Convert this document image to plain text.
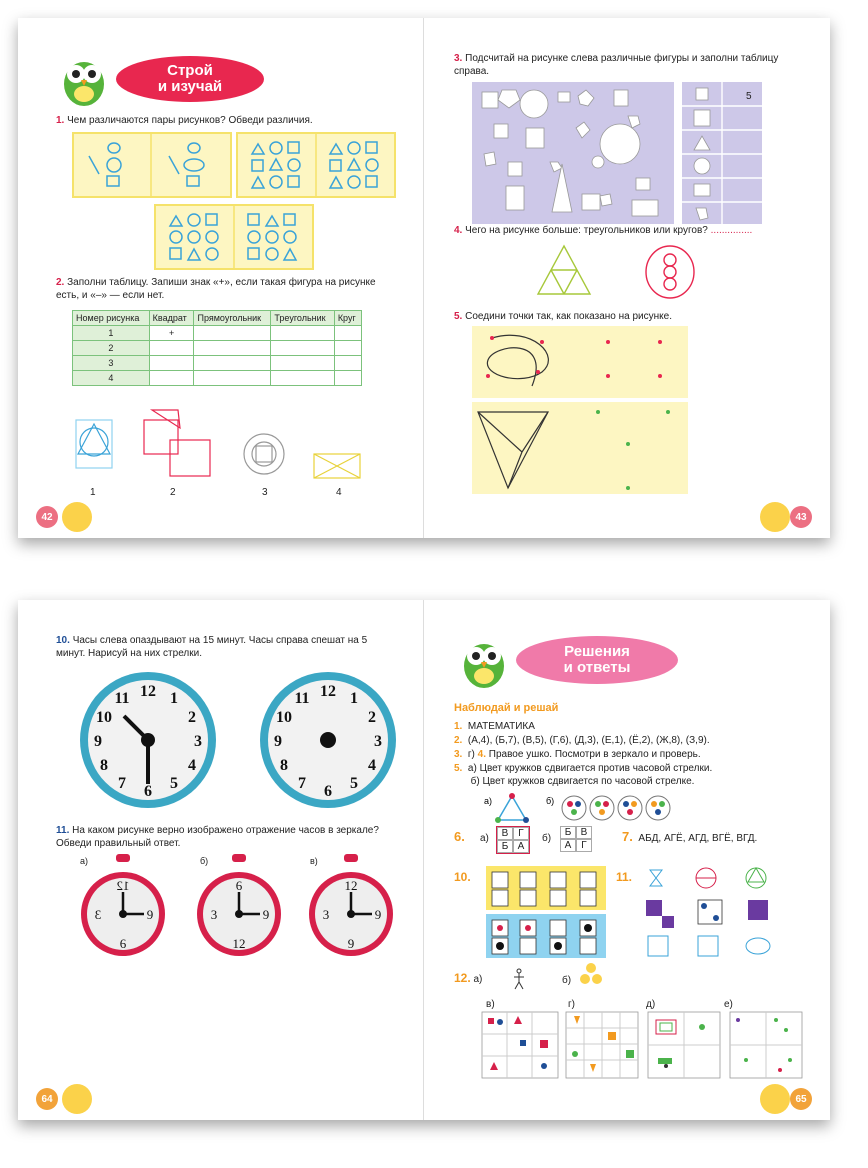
Строй
и изучай
1. Чем различаются пары рисунков? Обведи различия.
2. Заполни таблицу. Запиши знак «+», если такая фигура на рисунке есть, и «–» — если нет.
Номер рисунка	Квадрат	Прямоугольник	Треугольник	Круг
1	+			
2				
3				
4				
1	2	3	4
42
3. Подсчитай на рисунке слева различные фигуры и заполни таблицу справа.
5
4. Чего на рисунке больше: треугольников или кругов? ...............
5. Соедини точки так, как показано на рисунке.
43
10. Часы слева опаздывают на 15 минут. Часы справа спешат на 5 минут. Нарисуй на них стрелки.
12 1
2
3
4
5
6
7
8
9
10
11	12 1
2
3
4
5
6
7
8
9
10
11
11. На каком рисунке верно изображено отражение часов в зеркале? Обведи правильный ответ.
а)	б)	в)
12
3	9
6
6
3	9
12
12
3	9
9
64
Решения
и ответы
Наблюдай и решай
1. МАТЕМАТИКА
2. (А,4), (Б,7), (В,5), (Г,6), (Д,3), (Е,1), (Ё,2), (Ж,8), (З,9).
3. г) 4. Правое ушко. Посмотри в зеркало и проверь.
5. а) Цвет кружков сдвигается против часовой стрелки.
б) Цвет кружков сдвигается по часовой стрелке.
а)	б)
6. а)	В Г
Б А
б)
Б В
А Г
7. АБД, АГЁ, АГД, ВГЁ, ВГД.
10.	11.
12. а)	б)
в)	г)	д)	е)
65
